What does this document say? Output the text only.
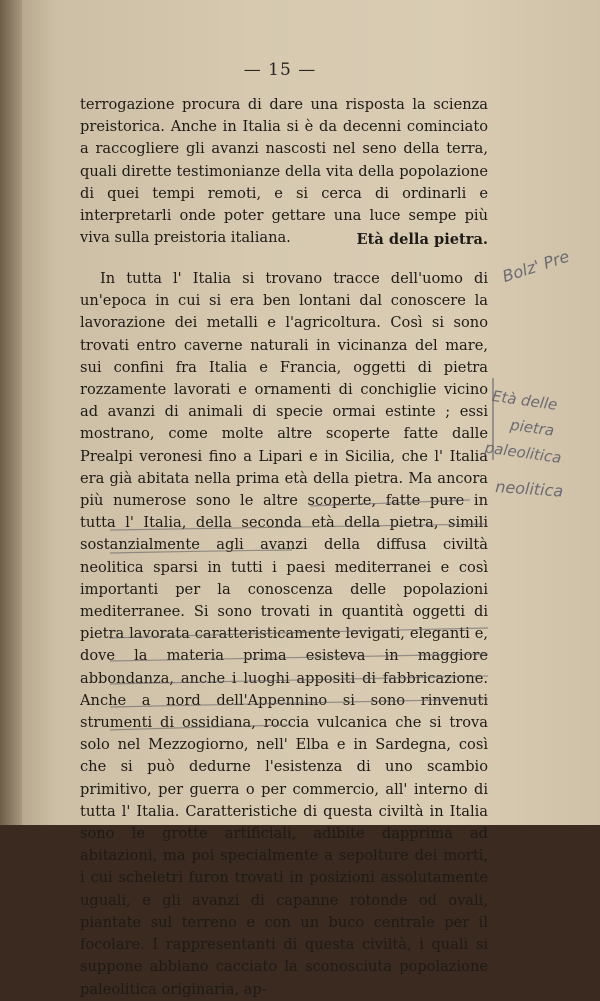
— 15 —

terrogazione procura di dare una risposta la scienza preistorica. Anche in Italia si è da decenni cominciato a raccogliere gli avanzi nascosti nel seno della terra, quali dirette testimonianze della vita della popolazione di quei tempi remoti, e si cerca di ordinarli e interpretarli onde poter gettare una luce sempe più viva sulla preistoria italiana.	Età della pietra.

In tutta l' Italia si trovano tracce dell'uomo di un'epoca in cui si era ben lontani dal conoscere la lavorazione dei metalli e l'agricoltura. Così si sono trovati entro caverne naturali in vicinanza del mare, sui confini fra Italia e Francia, oggetti di pietra rozzamente lavorati e ornamenti di conchiglie vicino ad avanzi di animali di specie ormai estinte ; essi mostrano, come molte altre scoperte fatte dalle Prealpi veronesi fino a Lipari e in Sicilia, che l' Italia era già abitata nella prima età della pietra. Ma ancora più numerose sono le altre scoperte, fatte pure in tutta l' Italia, della seconda età della pietra, simili sostanzialmente agli avanzi della diffusa civiltà neolitica sparsi in tutti i paesi mediterranei e così importanti per la conoscenza delle popolazioni mediterranee. Si sono trovati in quantità oggetti di pietra lavorata caratteristicamente levigati, eleganti e, dove la materia prima esisteva in maggiore abbondanza, anche i luoghi appositi di fabbricazione. Anche a nord dell'Appennino si sono rinvenuti strumenti di ossidiana, roccia vulcanica che si trova solo nel Mezzogiorno, nell' Elba e in Sardegna, così che si può dedurne l'esistenza di uno scambio primitivo, per guerra o per commercio, all' interno di tutta l' Italia. Caratteristiche di questa civiltà in Italia sono le grotte artificiali, adibite dapprima ad abitazioni, ma poi specialmente a sepolture dei morti, i cui scheletri furon trovati in posizioni assolutamente uguali, e gli avanzi di capanne rotonde od ovali, piantate sul terreno e con un buco centrale per il focolare. I rappresentanti di questa civiltà, i quali si suppone abbiano cacciato la sconosciuta popolazione paleolitica originaria, ap-

Bolz' Pre
Età delle
pietra
paleolitica
neolitica
